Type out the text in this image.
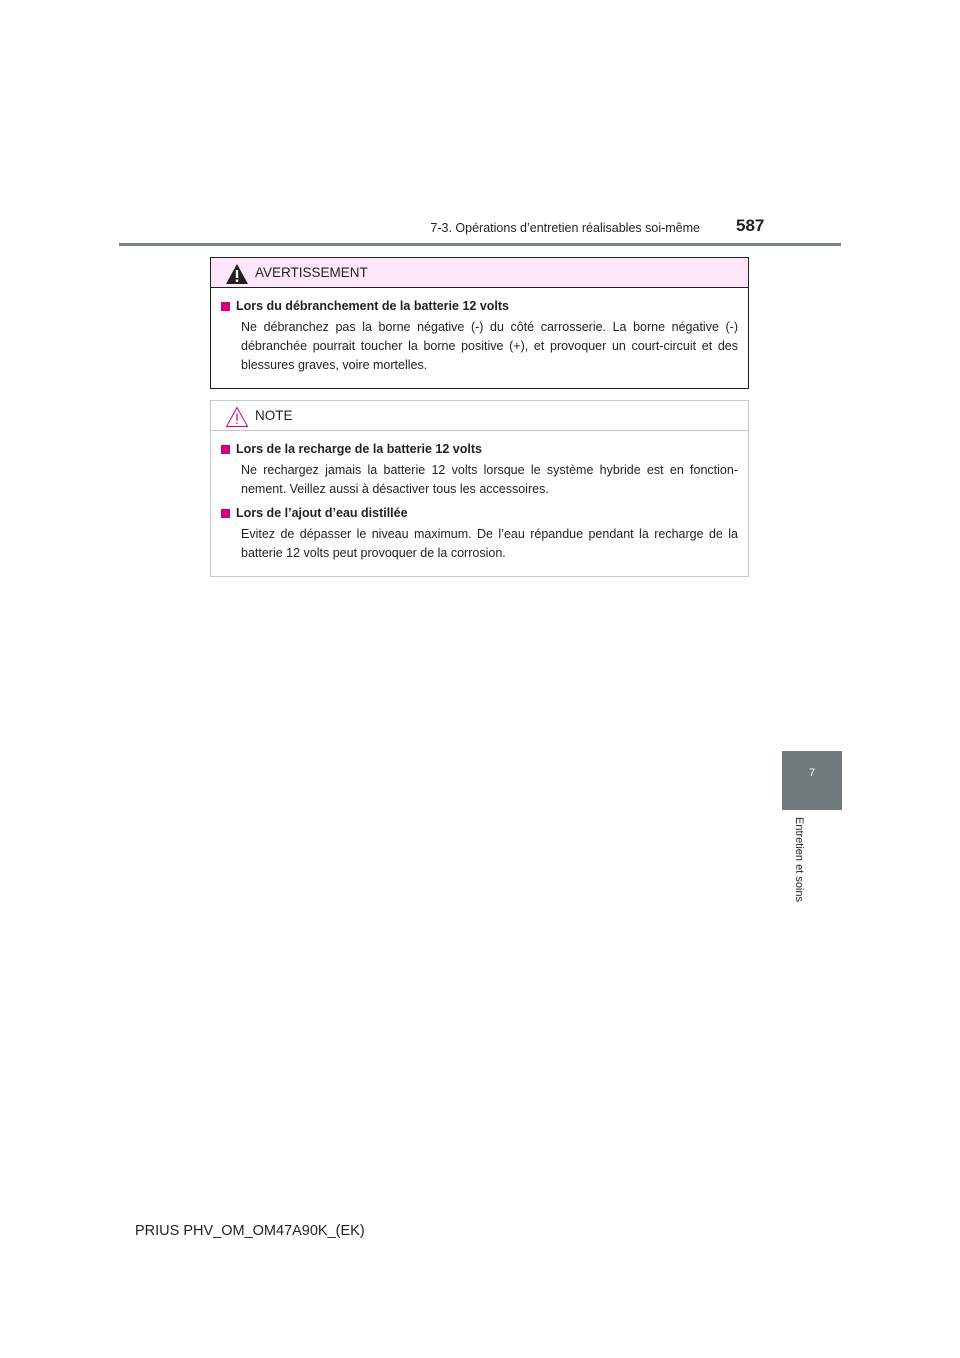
7-3. Opérations d’entretien réalisables soi-même 587
7
Entretien et soins
AVERTISSEMENT
Lors du débranchement de la batterie 12 volts
Ne débranchez pas la borne négative (-) du côté carrosserie. La borne négative (-) débranchée pourrait toucher la borne positive (+), et provoquer un court-circuit et des blessures graves, voire mortelles.
NOTE
Lors de la recharge de la batterie 12 volts
Ne rechargez jamais la batterie 12 volts lorsque le système hybride est en fonction-nement. Veillez aussi à désactiver tous les accessoires.
Lors de l’ajout d’eau distillée
Evitez de dépasser le niveau maximum. De l’eau répandue pendant la recharge de la batterie 12 volts peut provoquer de la corrosion.
PRIUS PHV_OM_OM47A90K_(EK)
